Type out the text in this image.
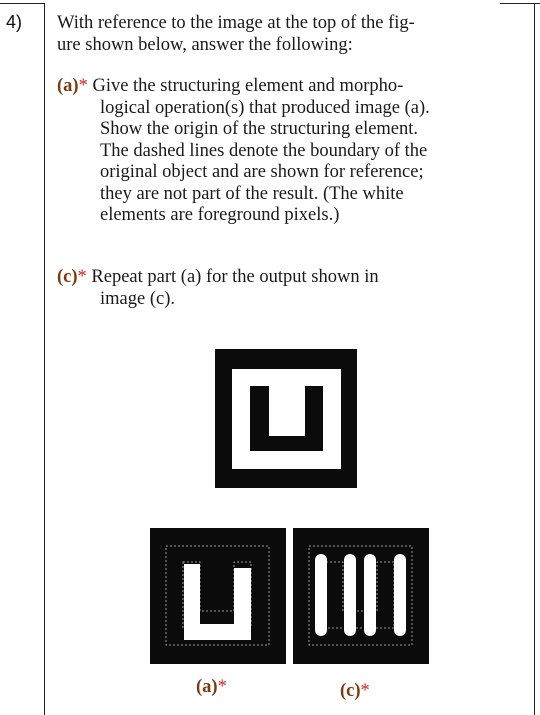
4) With reference to the image at the top of the fig-
ure shown below, answer the following:
(a)* Give the structuring element and morpho-
logical operation(s) that produced image (a).
Show the origin of the structuring element.
The dashed lines denote the boundary of the
original object and are shown for reference;
they are not part of the result. (The white
elements are foreground pixels.)
(c)* Repeat part (a) for the output shown in
image (c).
(a)*	(c)*
